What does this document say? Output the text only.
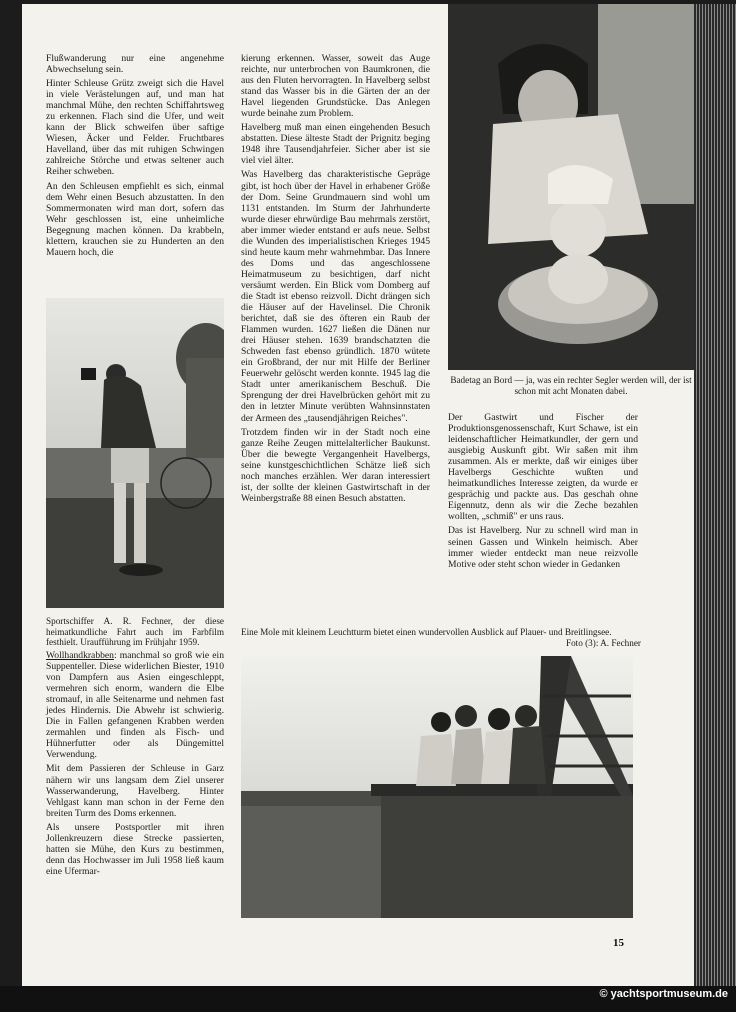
Flußwanderung nur eine angenehme Abwechselung sein.

Hinter Schleuse Grütz zweigt sich die Havel in viele Verästelungen auf, und man hat manchmal Mühe, den rechten Schiffahrtsweg zu erkennen. Flach sind die Ufer, und weit kann der Blick schweifen über saftige Wiesen, Äcker und Felder. Fruchtbares Havelland, über das mit ruhigen Schwingen zahlreiche Störche und etwas seltener auch Reiher schweben.

An den Schleusen empfiehlt es sich, einmal dem Wehr einen Besuch abzustatten. In den Sommermonaten wird man dort, sofern das Wehr geschlossen ist, eine unheimliche Begegnung machen können. Da krabbeln, klettern, krauchen sie zu Hunderten an den Mauern hoch, die

Sportschiffer A. R. Fechner, der diese heimatkundliche Fahrt auch im Farbfilm festhielt. Uraufführung im Frühjahr 1959.

Wollhandkrabben: manchmal so groß wie ein Suppenteller. Diese widerlichen Biester, 1910 von Dampfern aus Asien eingeschleppt, vermehren sich enorm, wandern die Elbe stromauf, in alle Seitenarme und nehmen fast jedes Hindernis. Die Abwehr ist schwierig. Die in Fallen gefangenen Krabben werden zermahlen und finden als Fisch- und Hühnerfutter oder als Düngemittel Verwendung.

Mit dem Passieren der Schleuse in Garz nähern wir uns langsam dem Ziel unserer Wasserwanderung, Havelberg. Hinter Vehlgast kann man schon in der Ferne den breiten Turm des Doms erkennen.

Als unsere Postsportler mit ihren Jollenkreuzern diese Strecke passierten, hatten sie Mühe, den Kurs zu bestimmen, denn das Hochwasser im Juli 1958 ließ kaum eine Ufermar-

kierung erkennen. Wasser, soweit das Auge reichte, nur unterbrochen von Baumkronen, die aus den Fluten hervorragten. In Havelberg selbst stand das Wasser bis in die Gärten der an der Havel liegenden Grundstücke. Das Anlegen wurde beinahe zum Problem.

Havelberg muß man einen eingehenden Besuch abstatten. Diese älteste Stadt der Prignitz beging 1948 ihre Tausendjahrfeier. Sicher aber ist sie viel viel älter.

Was Havelberg das charakteristische Gepräge gibt, ist hoch über der Havel in erhabener Größe der Dom. Seine Grundmauern sind wohl um 1131 entstanden. Im Sturm der Jahrhunderte wurde dieser ehrwürdige Bau mehrmals zerstört, aber immer wieder entstand er aufs neue. Selbst die Wunden des imperialistischen Krieges 1945 sind heute kaum mehr wahrnehmbar. Das Innere des Doms und das angeschlossene Heimatmuseum zu besichtigen, darf nicht versäumt werden. Ein Blick vom Domberg auf die Stadt ist ebenso reizvoll. Dicht drängen sich die Häuser auf der Havelinsel. Die Chronik berichtet, daß sie des öfteren ein Raub der Flammen wurden. 1627 ließen die Dänen nur drei Häuser stehen. 1639 brandschatzten die Schweden fast ebenso gründlich. 1870 wütete ein Großbrand, der nur mit Hilfe der Berliner Feuerwehr gelöscht werden konnte. 1945 lag die Stadt unter amerikanischem Beschuß. Die Sprengung der drei Havelbrücken gehört mit zu den in letzter Minute verübten Wahnsinnstaten der Armeen des „tausendjährigen Reiches".

Trotzdem finden wir in der Stadt noch eine ganze Reihe Zeugen mittelalterlicher Baukunst. Über die bewegte Vergangenheit Havelbergs, seine kunstgeschichtlichen Schätze ließ sich noch manches erzählen. Wer daran interessiert ist, der sollte der kleinen Gastwirtschaft in der Weinbergstraße 88 einen Besuch abstatten.

Badetag an Bord — ja, was ein rechter Segler werden will, der ist schon mit acht Monaten dabei.

Der Gastwirt und Fischer der Produktionsgenossenschaft, Kurt Schawe, ist ein leidenschaftlicher Heimatkundler, der gern und ausgiebig Auskunft gibt. Wir saßen mit ihm zusammen. Als er merkte, daß wir einiges über Havelbergs Geschichte wußten und heimatkundliches Interesse zeigten, da wurde er gesprächig und packte aus. Das geschah ohne Eigennutz, denn als wir die Zeche bezahlen wollten, „schmiß" er uns raus.

Das ist Havelberg. Nur zu schnell wird man in seinen Gassen und Winkeln heimisch. Aber immer wieder entdeckt man neue reizvolle Motive oder steht schon wieder in Gedanken

Eine Mole mit kleinem Leuchtturm bietet einen wundervollen Ausblick auf Plauer- und Breitlingsee.
Foto (3): A. Fechner
15
© yachtsportmuseum.de
